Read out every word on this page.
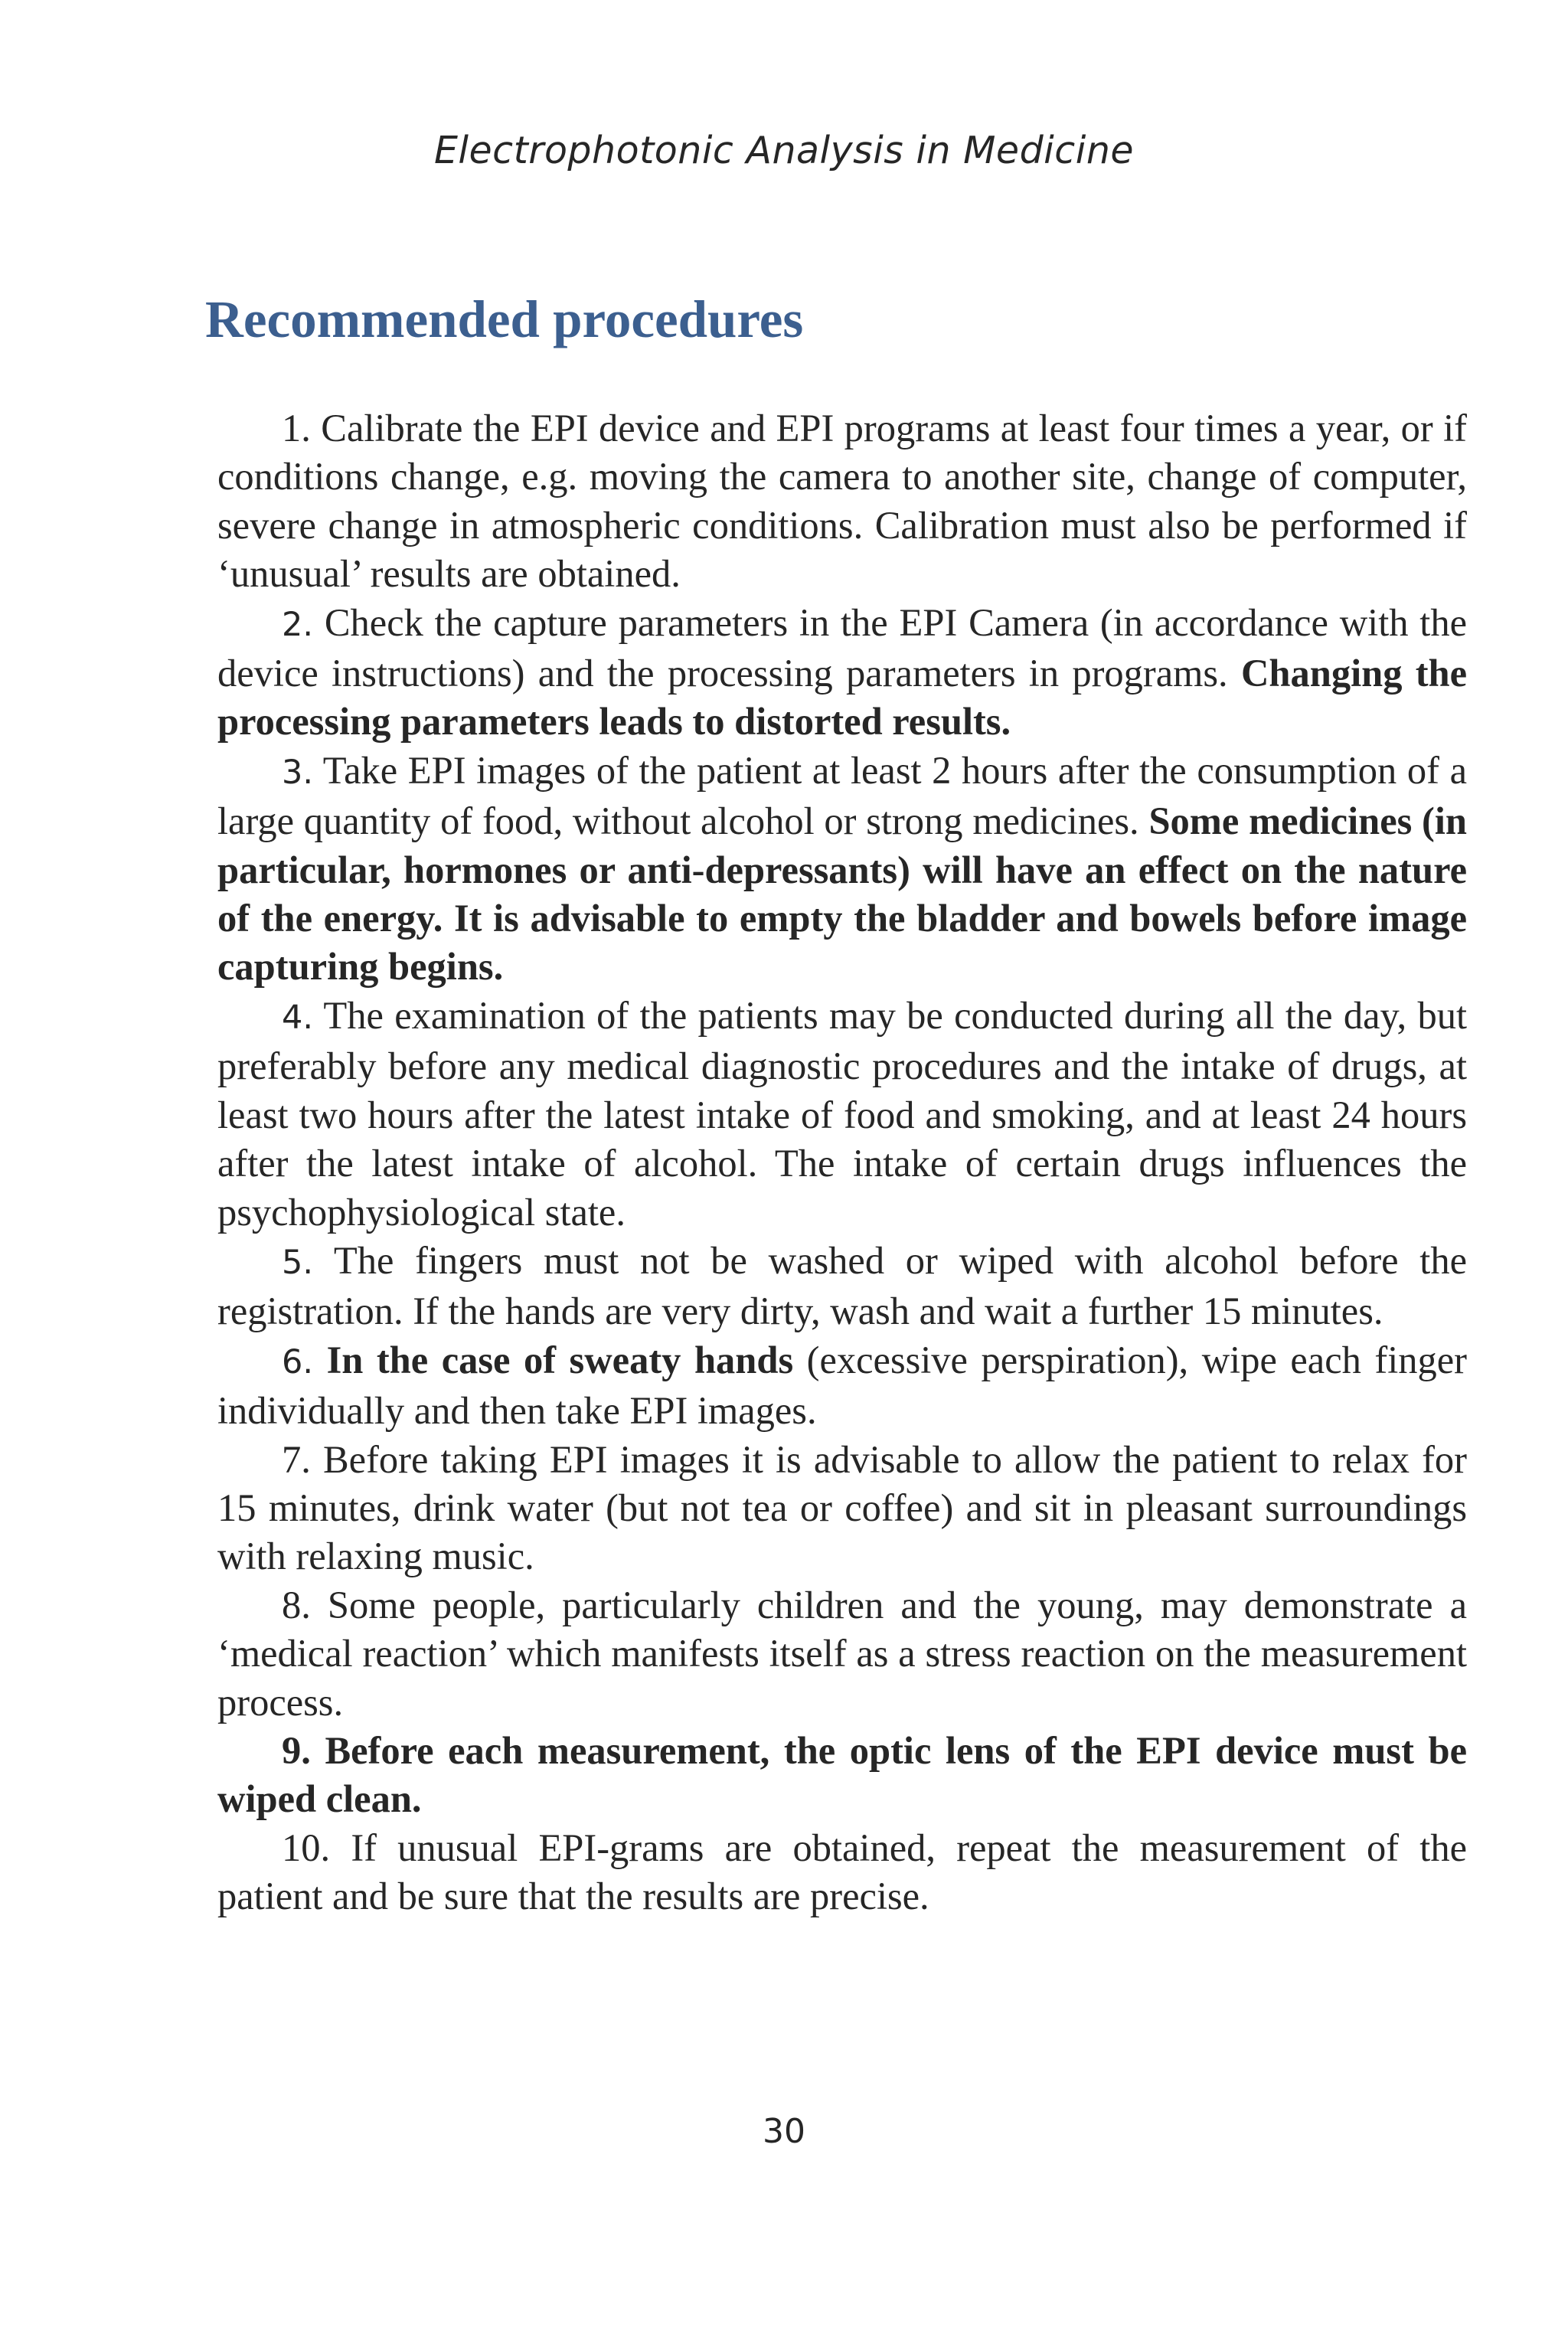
Electrophotonic Analysis in Medicine
Recommended procedures
1. Calibrate the EPI device and EPI programs at least four times a year, or if conditions change, e.g. moving the camera to another site, change of computer, severe change in atmospheric conditions. Calibration must also be performed if ‘unusual’ results are obtained.
2. Check the capture parameters in the EPI Camera (in accordance with the device instructions) and the processing parameters in programs. Changing the processing parameters leads to distorted results.
3. Take EPI images of the patient at least 2 hours after the consumption of a large quantity of food, without alcohol or strong medicines. Some medicines (in particular, hormones or anti-depressants) will have an effect on the nature of the energy. It is advisable to empty the bladder and bowels before image capturing begins.
4. The examination of the patients may be conducted during all the day, but preferably before any medical diagnostic procedures and the intake of drugs, at least two hours after the latest intake of food and smoking, and at least 24 hours after the latest intake of alcohol. The intake of certain drugs influences the psychophysiological state.
5. The fingers must not be washed or wiped with alcohol before the registration. If the hands are very dirty, wash and wait a further 15 minutes.
6. In the case of sweaty hands (excessive perspiration), wipe each finger individually and then take EPI images.
7. Before taking EPI images it is advisable to allow the patient to relax for 15 minutes, drink water (but not tea or coffee) and sit in pleasant surroundings with relaxing music.
8. Some people, particularly children and the young, may demonstrate a ‘medical reaction’ which manifests itself as a stress reaction on the measurement process.
9. Before each measurement, the optic lens of the EPI device must be wiped clean.
10. If unusual EPI-grams are obtained, repeat the measurement of the patient and be sure that the results are precise.
30
